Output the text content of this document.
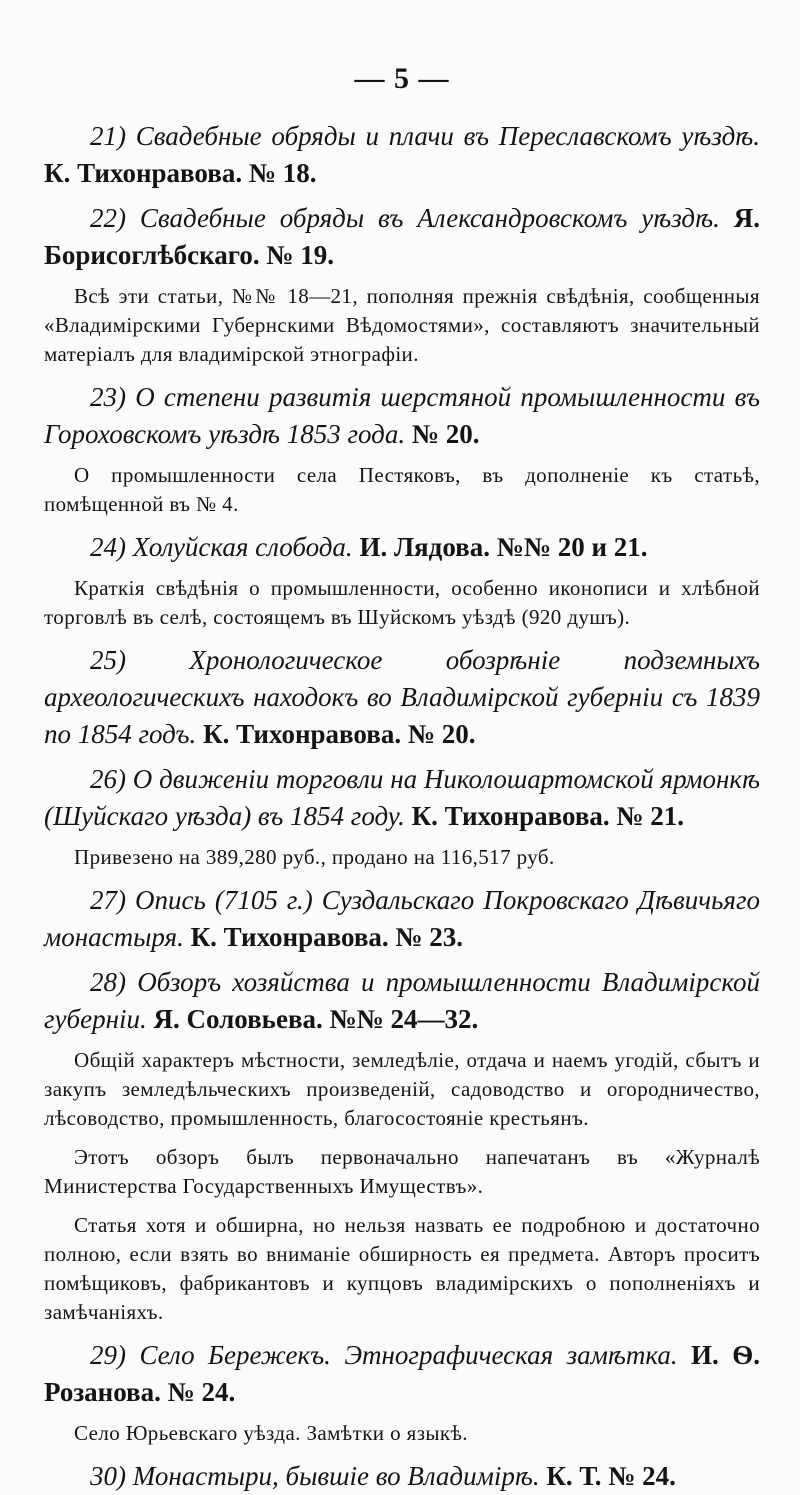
— 5 —

21) Свадебные обряды и плачи въ Переславскомъ уѣздѣ. К. Тихонравова. № 18.

22) Свадебные обряды въ Александровскомъ уѣздѣ. Я. Борисоглѣбскаго. № 19.

Всѣ эти статьи, №№ 18—21, пополняя прежнія свѣдѣнія, сообщенныя «Владимірскими Губернскими Вѣдомостями», составляютъ значительный матеріалъ для владимірской этнографіи.

23) О степени развитія шерстяной промышленности въ Гороховскомъ уѣздѣ 1853 года. № 20.

О промышленности села Пестяковъ, въ дополненіе къ статьѣ, помѣщенной въ № 4.

24) Холуйская слобода. И. Лядова. №№ 20 и 21.

Краткія свѣдѣнія о промышленности, особенно иконописи и хлѣбной торговлѣ въ селѣ, состоящемъ въ Шуйскомъ уѣздѣ (920 душъ).

25) Хронологическое обозрѣніе подземныхъ археологическихъ находокъ во Владимірской губерніи съ 1839 по 1854 годъ. К. Тихонравова. № 20.

26) О движеніи торговли на Николошартомской ярмонкѣ (Шуйскаго уѣзда) въ 1854 году. К. Тихонравова. № 21.

Привезено на 389,280 руб., продано на 116,517 руб.

27) Опись (7105 г.) Суздальскаго Покровскаго Дѣвичьяго монастыря. К. Тихонравова. № 23.

28) Обзоръ хозяйства и промышленности Владимірской губерніи. Я. Соловьева. №№ 24—32.

Общій характеръ мѣстности, земледѣліе, отдача и наемъ угодій, сбытъ и закупъ земледѣльческихъ произведеній, садоводство и огородничество, лѣсоводство, промышленность, благосостояніе крестьянъ.

Этотъ обзоръ былъ первоначально напечатанъ въ «Журналѣ Министерства Государственныхъ Имуществъ».

Статья хотя и обширна, но нельзя назвать ее подробною и достаточно полною, если взять во вниманіе обширность ея предмета. Авторъ проситъ помѣщиковъ, фабрикантовъ и купцовъ владимірскихъ о пополненіяхъ и замѣчаніяхъ.

29) Село Бережекъ. Этнографическая замѣтка. И. Ѳ. Розанова. № 24.

Село Юрьевскаго уѣзда. Замѣтки о языкѣ.

30) Монастыри, бывшіе во Владимірѣ. К. Т. № 24.
